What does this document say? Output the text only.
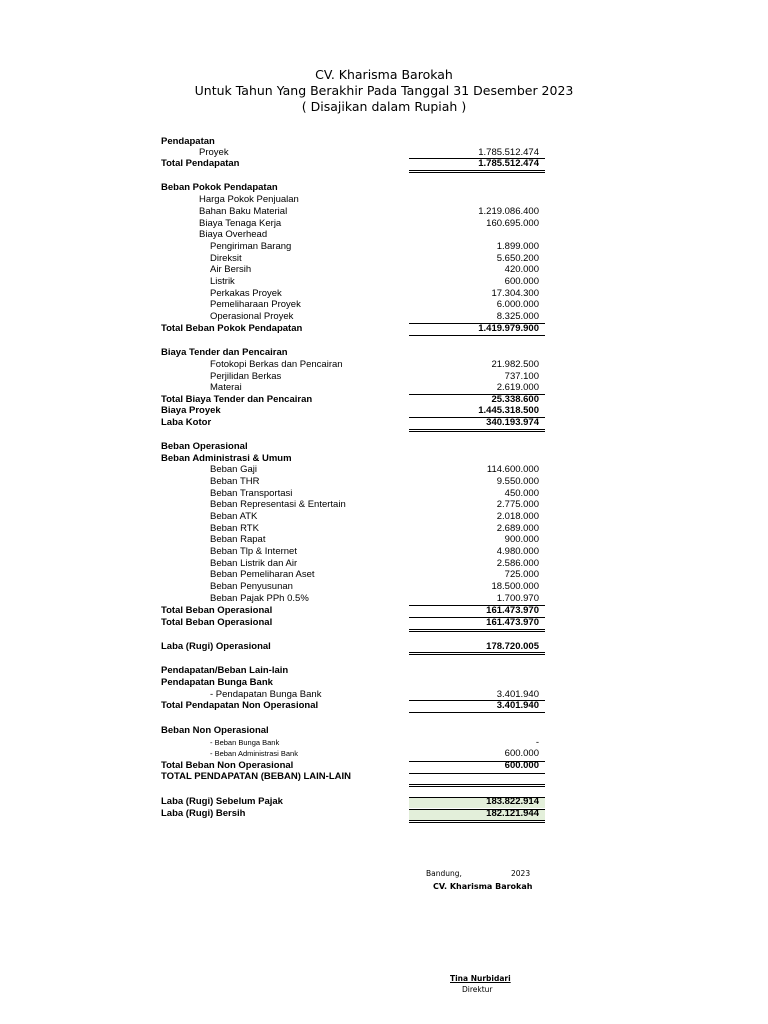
CV. Kharisma Barokah
Untuk Tahun Yang Berakhir Pada Tanggal 31 Desember 2023
( Disajikan dalam Rupiah )
Pendapatan
Proyek	1.785.512.474
Total Pendapatan	1.785.512.474
Beban Pokok Pendapatan
Harga Pokok Penjualan
Bahan Baku Material	1.219.086.400
Biaya Tenaga Kerja	160.695.000
Biaya Overhead
Pengiriman Barang	1.899.000
Direksit	5.650.200
Air Bersih	420.000
Listrik	600.000
Perkakas Proyek	17.304.300
Pemeliharaan Proyek	6.000.000
Operasional Proyek	8.325.000
Total Beban Pokok Pendapatan	1.419.979.900
Biaya Tender dan Pencairan
Fotokopi Berkas dan Pencairan	21.982.500
Perjilidan Berkas	737.100
Materai	2.619.000
Total Biaya Tender dan Pencairan	25.338.600
Biaya Proyek	1.445.318.500
Laba Kotor	340.193.974
Beban Operasional
Beban Administrasi & Umum
Beban Gaji	114.600.000
Beban THR	9.550.000
Beban Transportasi	450.000
Beban Representasi & Entertain	2.775.000
Beban ATK	2.018.000
Beban RTK	2.689.000
Beban Rapat	900.000
Beban Tlp & Internet	4.980.000
Beban Listrik dan Air	2.586.000
Beban Pemeliharan Aset	725.000
Beban Penyusunan	18.500.000
Beban Pajak PPh 0.5%	1.700.970
Total Beban Operasional	161.473.970
Total Beban Operasional	161.473.970
Laba (Rugi) Operasional	178.720.005
Pendapatan/Beban Lain-lain
Pendapatan Bunga Bank
- Pendapatan Bunga Bank	3.401.940
Total Pendapatan Non Operasional	3.401.940
Beban Non Operasional
- Beban Bunga Bank	-
- Beban Administrasi Bank	600.000
Total Beban Non Operasional	600.000
TOTAL PENDAPATAN (BEBAN) LAIN-LAIN
Laba (Rugi) Sebelum Pajak	183.822.914
Laba (Rugi) Bersih	182.121.944
Bandung,	2023
CV. Kharisma Barokah
Tina Nurbidari
Direktur
